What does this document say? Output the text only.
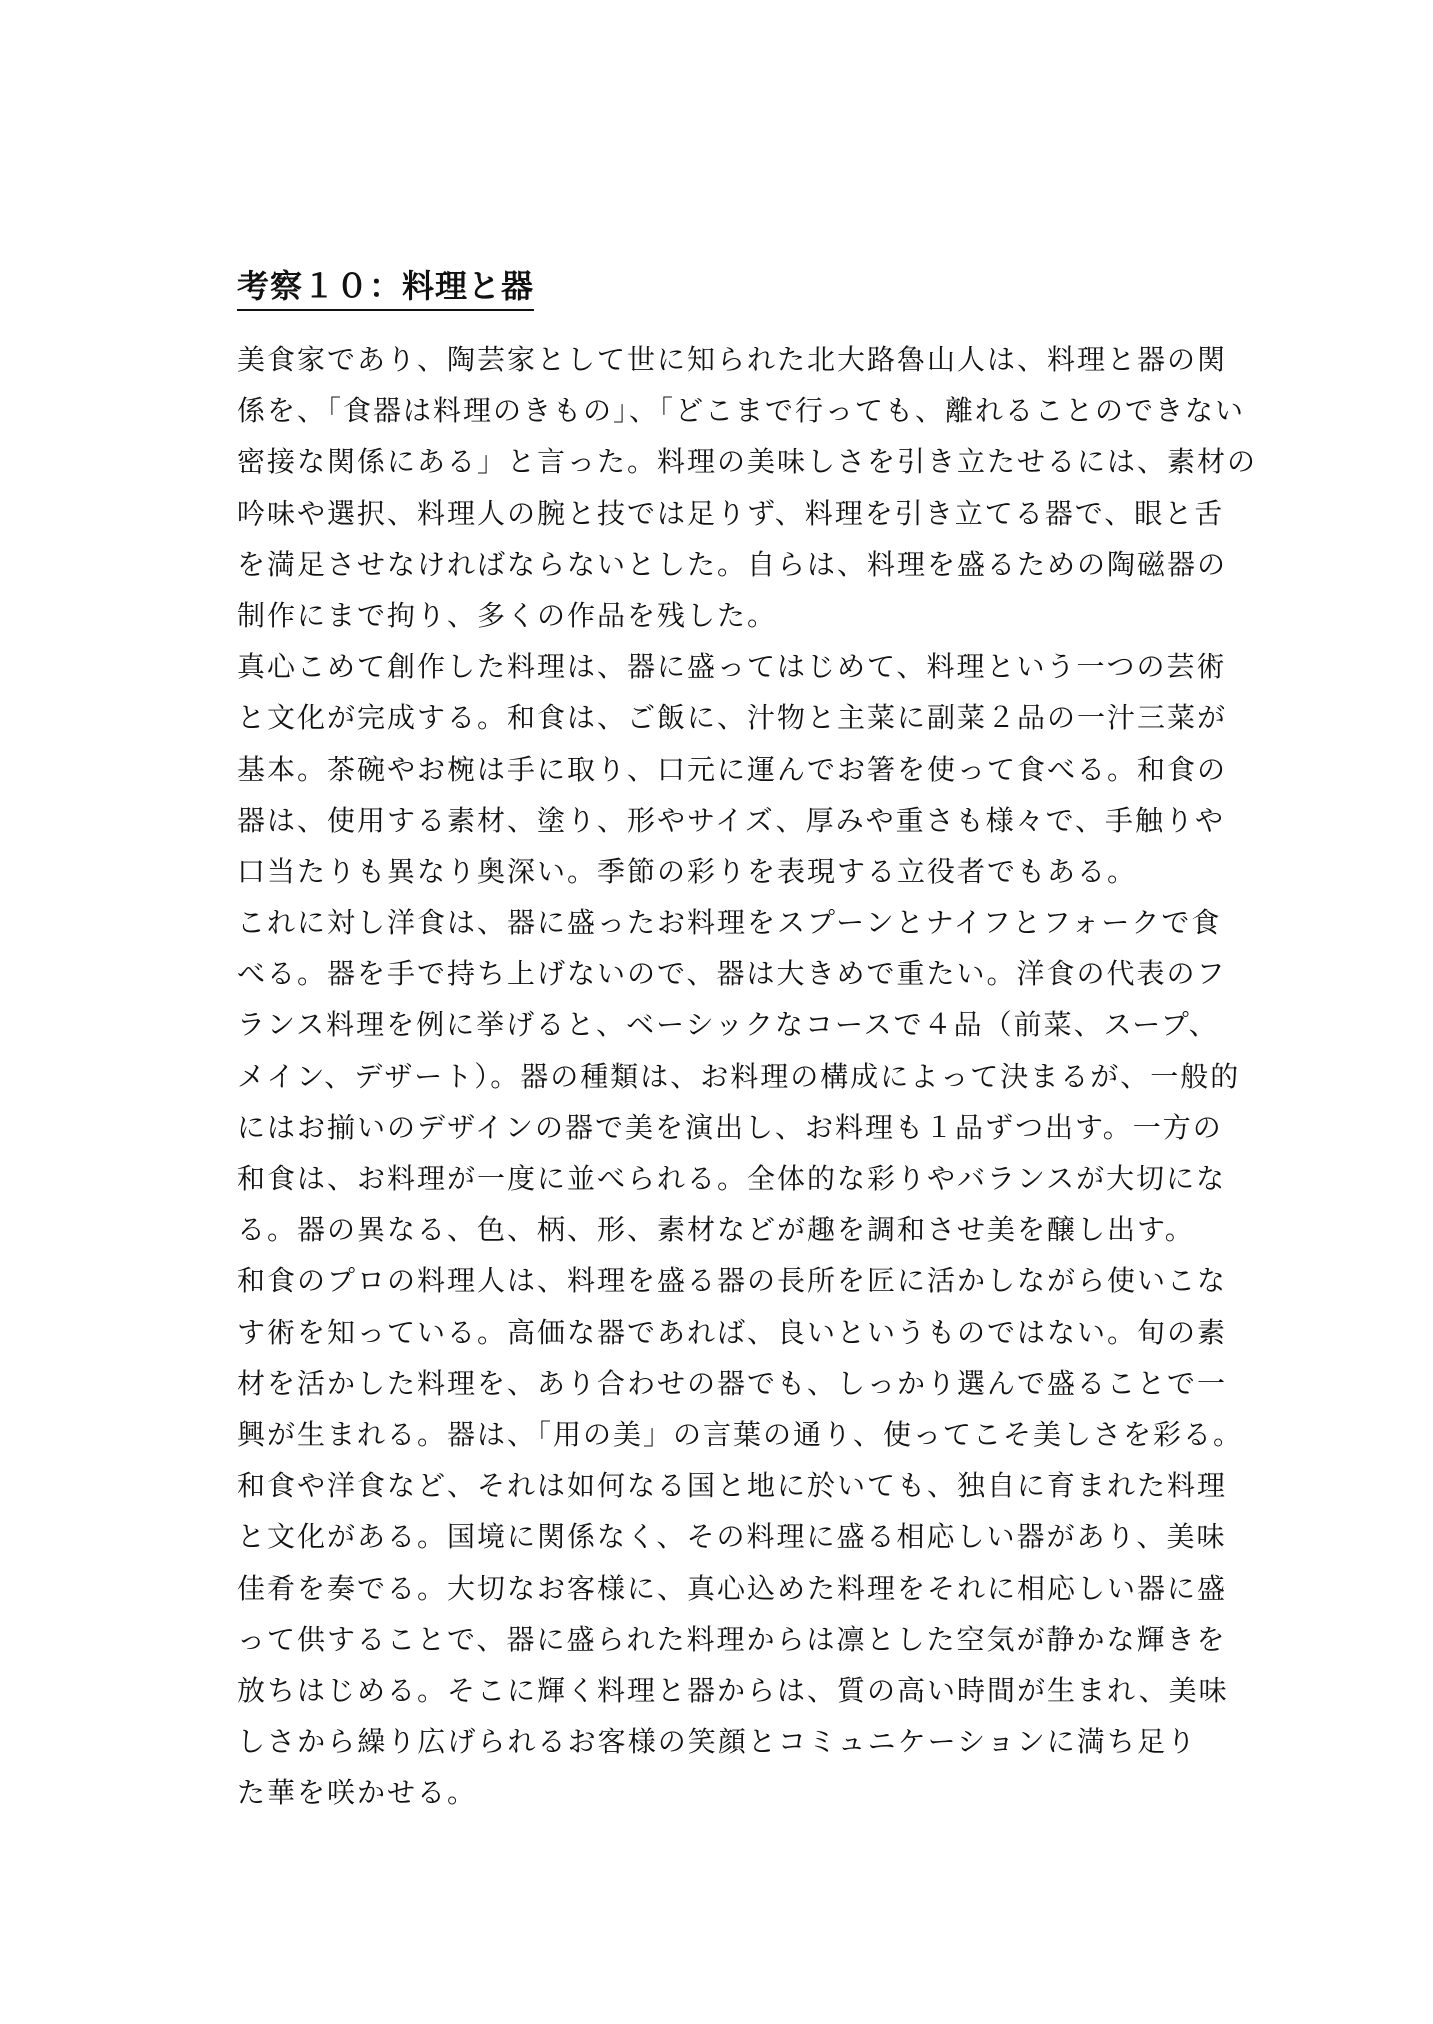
考察１０：料理と器
美食家であり、陶芸家として世に知られた北大路魯山人は、料理と器の関
係を、「食器は料理のきもの」、「どこまで行っても、離れることのできない
密接な関係にある」と言った。料理の美味しさを引き立たせるには、素材の
吟味や選択、料理人の腕と技では足りず、料理を引き立てる器で、眼と舌
を満足させなければならないとした。自らは、料理を盛るための陶磁器の
制作にまで拘り、多くの作品を残した。
真心こめて創作した料理は、器に盛ってはじめて、料理という一つの芸術
と文化が完成する。和食は、ご飯に、汁物と主菜に副菜２品の一汁三菜が
基本。茶碗やお椀は手に取り、口元に運んでお箸を使って食べる。和食の
器は、使用する素材、塗り、形やサイズ、厚みや重さも様々で、手触りや
口当たりも異なり奥深い。季節の彩りを表現する立役者でもある。
これに対し洋食は、器に盛ったお料理をスプーンとナイフとフォークで食
べる。器を手で持ち上げないので、器は大きめで重たい。洋食の代表のフ
ランス料理を例に挙げると、ベーシックなコースで４品（前菜、スープ、
メイン、デザート）。器の種類は、お料理の構成によって決まるが、一般的
にはお揃いのデザインの器で美を演出し、お料理も１品ずつ出す。一方の
和食は、お料理が一度に並べられる。全体的な彩りやバランスが大切にな
る。器の異なる、色、柄、形、素材などが趣を調和させ美を醸し出す。
和食のプロの料理人は、料理を盛る器の長所を匠に活かしながら使いこな
す術を知っている。高価な器であれば、良いというものではない。旬の素
材を活かした料理を、あり合わせの器でも、しっかり選んで盛ることで一
興が生まれる。器は、「用の美」の言葉の通り、使ってこそ美しさを彩る。
和食や洋食など、それは如何なる国と地に於いても、独自に育まれた料理
と文化がある。国境に関係なく、その料理に盛る相応しい器があり、美味
佳肴を奏でる。大切なお客様に、真心込めた料理をそれに相応しい器に盛
って供することで、器に盛られた料理からは凛とした空気が静かな輝きを
放ちはじめる。そこに輝く料理と器からは、質の高い時間が生まれ、美味
しさから繰り広げられるお客様の笑顔とコミュニケーションに満ち足り
た華を咲かせる。
